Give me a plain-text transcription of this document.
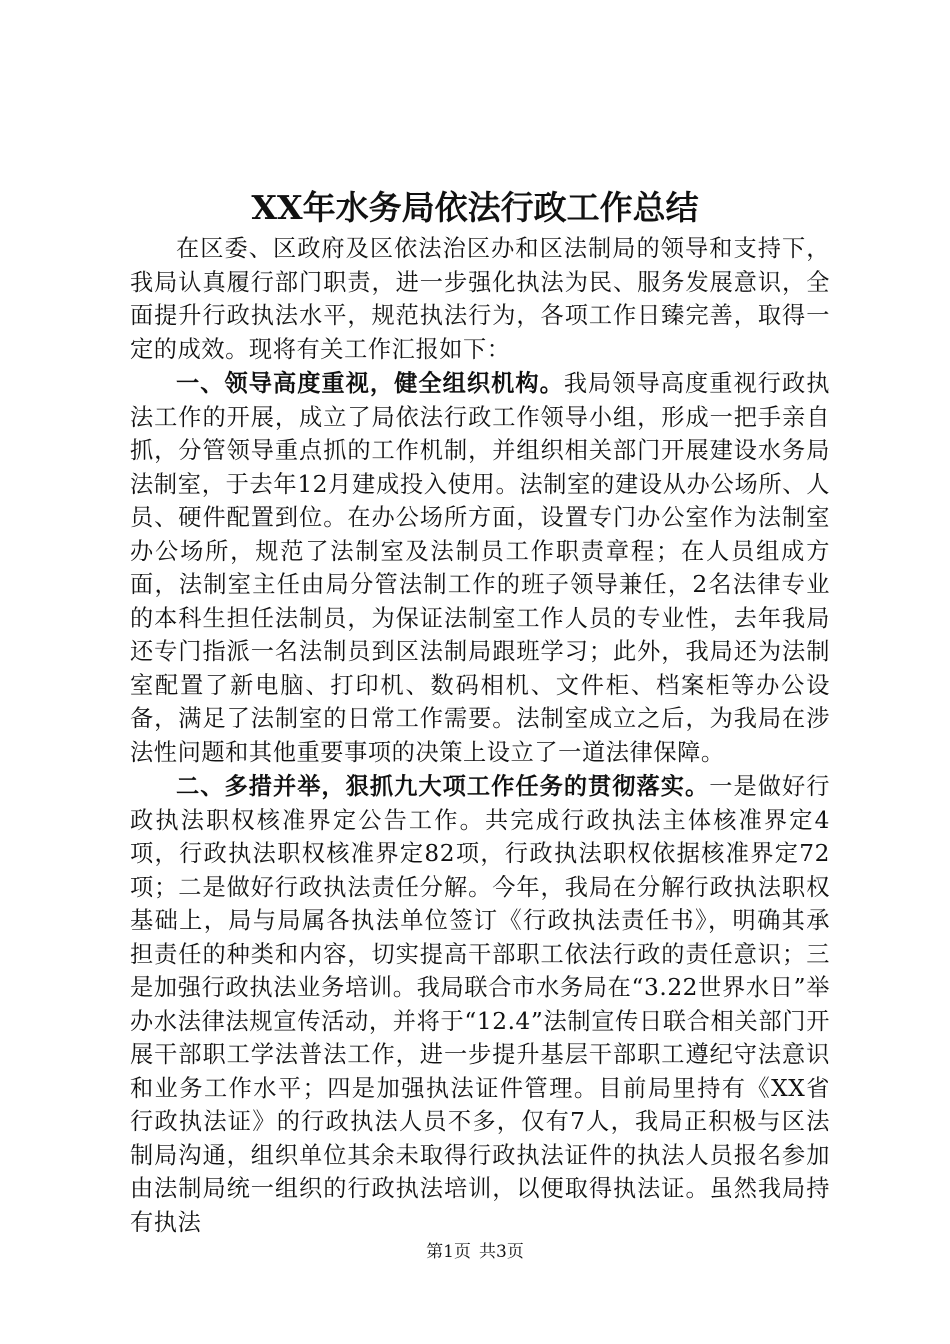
XX年水务局依法行政工作总结

在区委、区政府及区依法治区办和区法制局的领导和支持下，我局认真履行部门职责，进一步强化执法为民、服务发展意识，全面提升行政执法水平，规范执法行为，各项工作日臻完善，取得一定的成效。现将有关工作汇报如下：

一、领导高度重视，健全组织机构。我局领导高度重视行政执法工作的开展，成立了局依法行政工作领导小组，形成一把手亲自抓，分管领导重点抓的工作机制，并组织相关部门开展建设水务局法制室，于去年12月建成投入使用。法制室的建设从办公场所、人员、硬件配置到位。在办公场所方面，设置专门办公室作为法制室办公场所，规范了法制室及法制员工作职责章程；在人员组成方面，法制室主任由局分管法制工作的班子领导兼任，2名法律专业的本科生担任法制员，为保证法制室工作人员的专业性，去年我局还专门指派一名法制员到区法制局跟班学习；此外，我局还为法制室配置了新电脑、打印机、数码相机、文件柜、档案柜等办公设备，满足了法制室的日常工作需要。法制室成立之后，为我局在涉法性问题和其他重要事项的决策上设立了一道法律保障。

二、多措并举，狠抓九大项工作任务的贯彻落实。一是做好行政执法职权核准界定公告工作。共完成行政执法主体核准界定4项，行政执法职权核准界定82项，行政执法职权依据核准界定72项；二是做好行政执法责任分解。今年，我局在分解行政执法职权基础上，局与局属各执法单位签订《行政执法责任书》，明确其承担责任的种类和内容，切实提高干部职工依法行政的责任意识；三是加强行政执法业务培训。我局联合市水务局在“3.22世界水日”举办水法律法规宣传活动，并将于“12.4”法制宣传日联合相关部门开展干部职工学法普法工作，进一步提升基层干部职工遵纪守法意识和业务工作水平；四是加强执法证件管理。目前局里持有《XX省行政执法证》的行政执法人员不多，仅有7人，我局正积极与区法制局沟通，组织单位其余未取得行政执法证件的执法人员报名参加由法制局统一组织的行政执法培训，以便取得执法证。虽然我局持有执法

第1页 共3页
